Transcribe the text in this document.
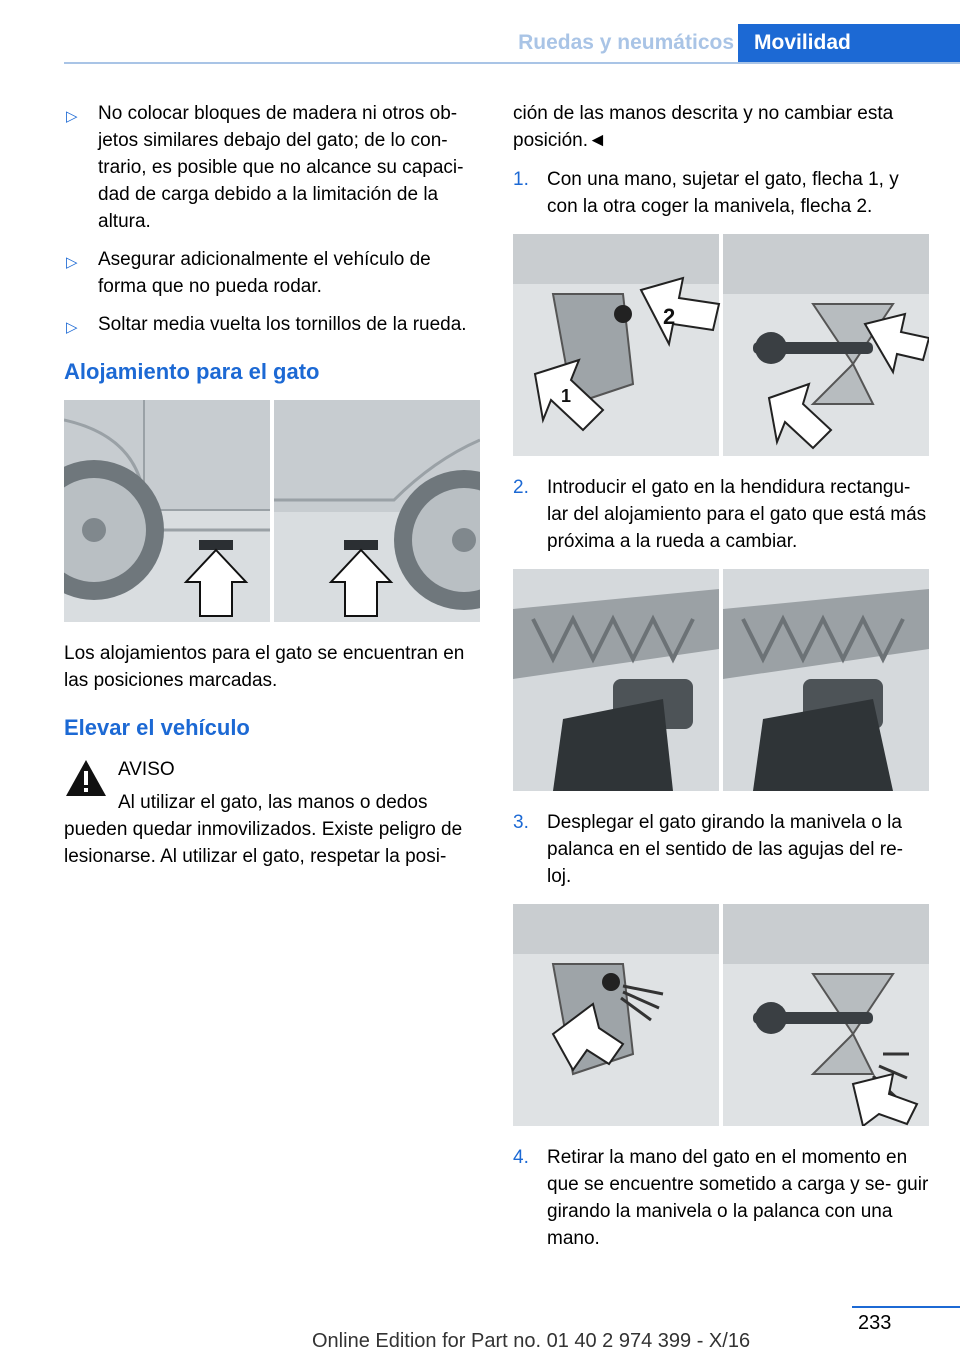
Ruedas y neumáticos Movilidad
▷ No colocar bloques de madera ni otros ob‐ jetos similares debajo del gato; de lo con‐ trario, es posible que no alcance su capaci‐ dad de carga debido a la limitación de la altura.
▷ Asegurar adicionalmente el vehículo de forma que no pueda rodar.
▷ Soltar media vuelta los tornillos de la rueda.
Alojamiento para el gato

Los alojamientos para el gato se encuentran en las posiciones marcadas.

Elevar el vehículo
AVISO
Al utilizar el gato, las manos o dedos pueden quedar inmovilizados. Existe peligro de lesionarse. Al utilizar el gato, respetar la posi‐

ción de las manos descrita y no cambiar esta posición.◄

1. Con una mano, sujetar el gato, flecha 1, y con la otra coger la manivela, flecha 2.
2
1
2. Introducir el gato en la hendidura rectangu‐ lar del alojamiento para el gato que está más próxima a la rueda a cambiar.
3. Desplegar el gato girando la manivela o la palanca en el sentido de las agujas del re‐ loj.
4. Retirar la mano del gato en el momento en que se encuentre sometido a carga y se‐ guir girando la manivela o la palanca con una mano.
233
Online Edition for Part no. 01 40 2 974 399 - X/16
